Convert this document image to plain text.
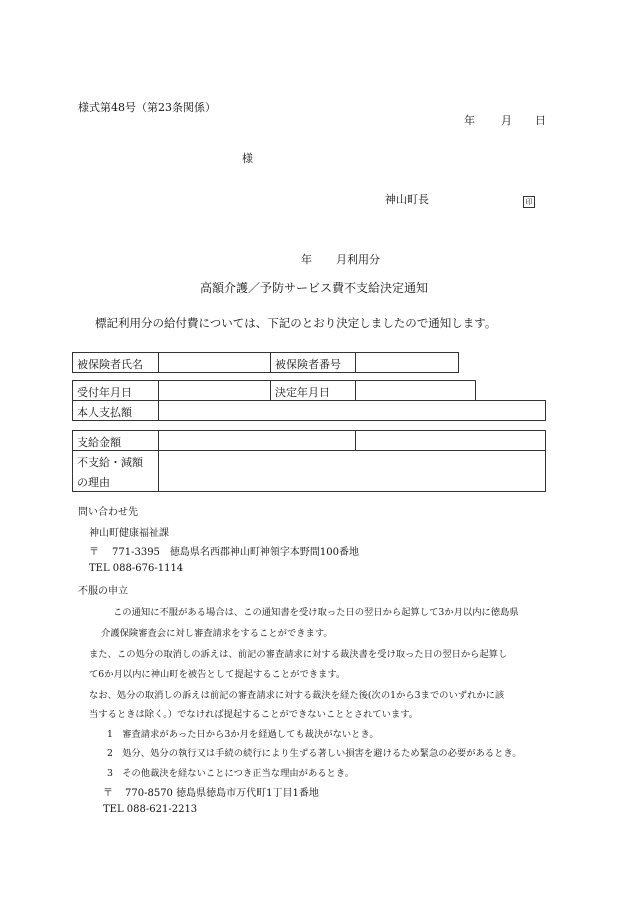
様式第48号（第23条関係）
年 月 日
様
神山町長	印
年 月利用分
高額介護／予防サービス費不支給決定通知
標記利用分の給付費については、下記のとおり決定しましたので通知します。
被保険者氏名	被保険者番号
受付年月日	決定年月日
本人支払額
支給金額
不支給・減額
の理由
問い合わせ先
神山町健康福祉課
〒 771-3395　徳島県名西郡神山町神領字本野間100番地
TEL 088-676-1114
不服の申立
この通知に不服がある場合は、この通知書を受け取った日の翌日から起算して3か月以内に徳島県
介護保険審査会に対し審査請求をすることができます。
また、この処分の取消しの訴えは、前記の審査請求に対する裁決書を受け取った日の翌日から起算し
て6か月以内に神山町を被告として提起することができます。
なお、処分の取消しの訴えは前記の審査請求に対する裁決を経た後(次の1から3までのいずれかに該
当するときは除く。）でなければ提起することができないこととされています。
1　審査請求があった日から3か月を経過しても裁決がないとき。
2　処分、処分の執行又は手続の続行により生ずる著しい損害を避けるため緊急の必要があるとき。
3　その他裁決を経ないことにつき正当な理由があるとき。
〒 770-8570 徳島県徳島市万代町1丁目1番地
TEL 088-621-2213
